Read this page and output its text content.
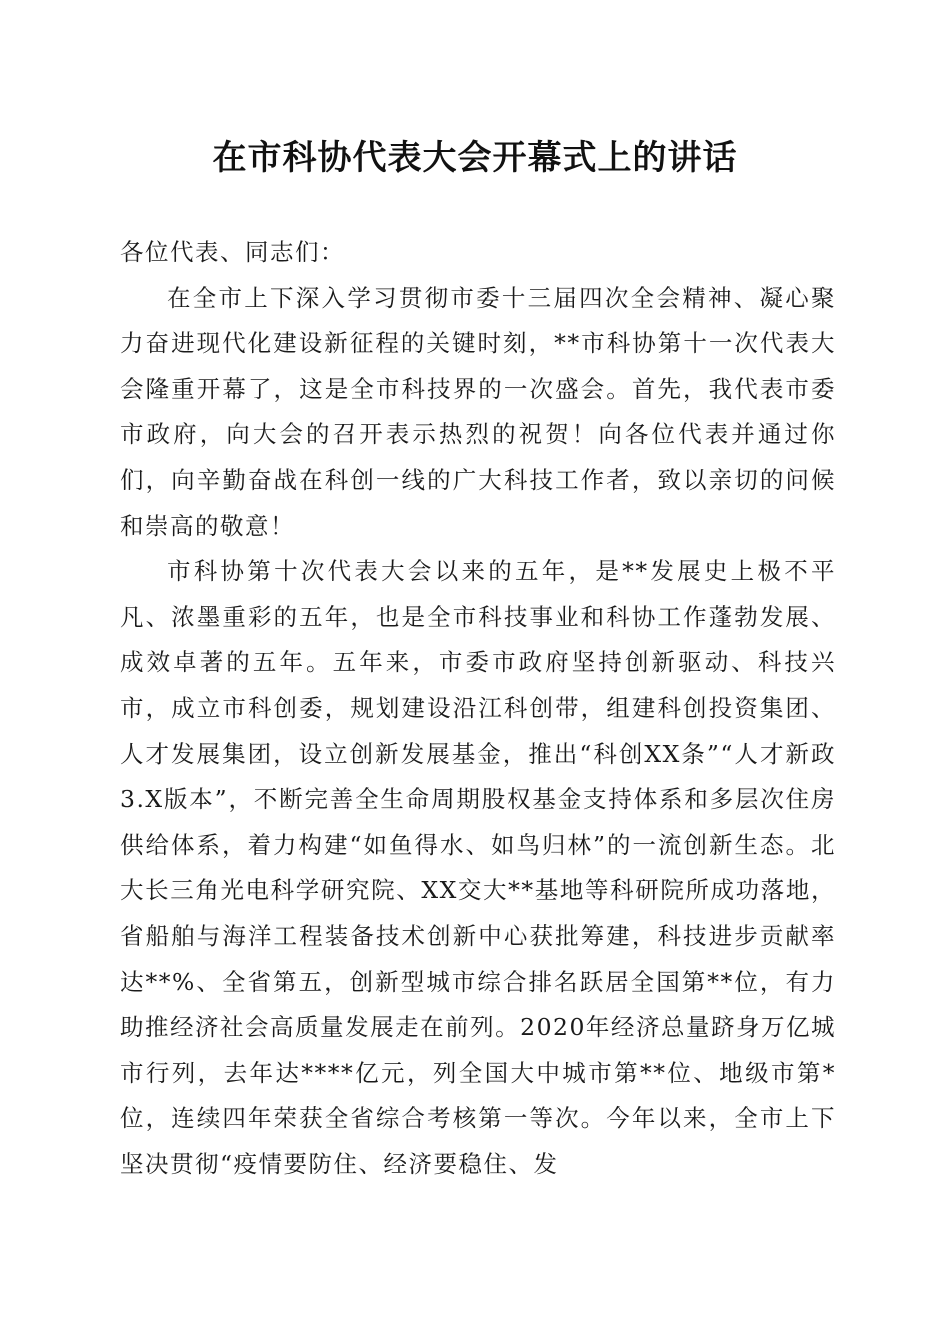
在市科协代表大会开幕式上的讲话

各位代表、同志们：

在全市上下深入学习贯彻市委十三届四次全会精神、凝心聚力奋进现代化建设新征程的关键时刻，**市科协第十一次代表大会隆重开幕了，这是全市科技界的一次盛会。首先，我代表市委市政府，向大会的召开表示热烈的祝贺！向各位代表并通过你们，向辛勤奋战在科创一线的广大科技工作者，致以亲切的问候和崇高的敬意！

市科协第十次代表大会以来的五年，是**发展史上极不平凡、浓墨重彩的五年，也是全市科技事业和科协工作蓬勃发展、成效卓著的五年。五年来，市委市政府坚持创新驱动、科技兴市，成立市科创委，规划建设沿江科创带，组建科创投资集团、人才发展集团，设立创新发展基金，推出“科创XX条”“人才新政3.X版本”，不断完善全生命周期股权基金支持体系和多层次住房供给体系，着力构建“如鱼得水、如鸟归林”的一流创新生态。北大长三角光电科学研究院、XX交大**基地等科研院所成功落地，省船舶与海洋工程装备技术创新中心获批筹建，科技进步贡献率达**%、全省第五，创新型城市综合排名跃居全国第**位，有力助推经济社会高质量发展走在前列。2020年经济总量跻身万亿城市行列，去年达****亿元，列全国大中城市第**位、地级市第*位，连续四年荣获全省综合考核第一等次。今年以来，全市上下坚决贯彻“疫情要防住、经济要稳住、发
